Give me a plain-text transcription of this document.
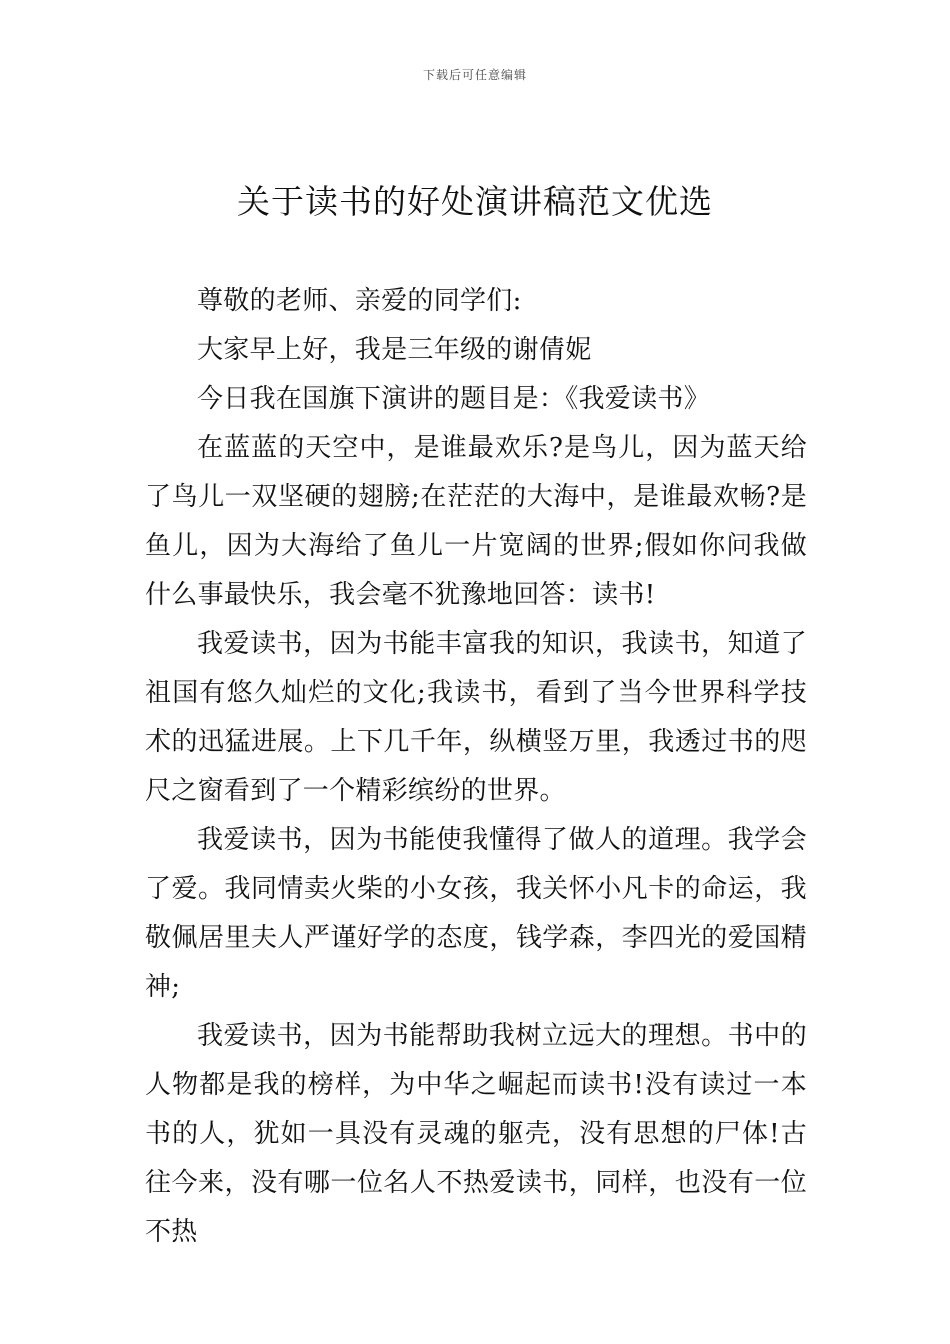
下载后可任意编辑
关于读书的好处演讲稿范文优选

尊敬的老师、亲爱的同学们:

大家早上好，我是三年级的谢倩妮

今日我在国旗下演讲的题目是：《我爱读书》

在蓝蓝的天空中，是谁最欢乐?是鸟儿，因为蓝天给了鸟儿一双坚硬的翅膀;在茫茫的大海中，是谁最欢畅?是鱼儿，因为大海给了鱼儿一片宽阔的世界;假如你问我做什么事最快乐，我会毫不犹豫地回答：读书!

我爱读书，因为书能丰富我的知识，我读书，知道了祖国有悠久灿烂的文化;我读书，看到了当今世界科学技术的迅猛进展。上下几千年，纵横竖万里，我透过书的咫尺之窗看到了一个精彩缤纷的世界。

我爱读书，因为书能使我懂得了做人的道理。我学会了爱。我同情卖火柴的小女孩，我关怀小凡卡的命运，我敬佩居里夫人严谨好学的态度，钱学森，李四光的爱国精神;

我爱读书，因为书能帮助我树立远大的理想。书中的人物都是我的榜样，为中华之崛起而读书!没有读过一本书的人，犹如一具没有灵魂的躯壳，没有思想的尸体!古往今来，没有哪一位名人不热爱读书，同样，也没有一位不热
